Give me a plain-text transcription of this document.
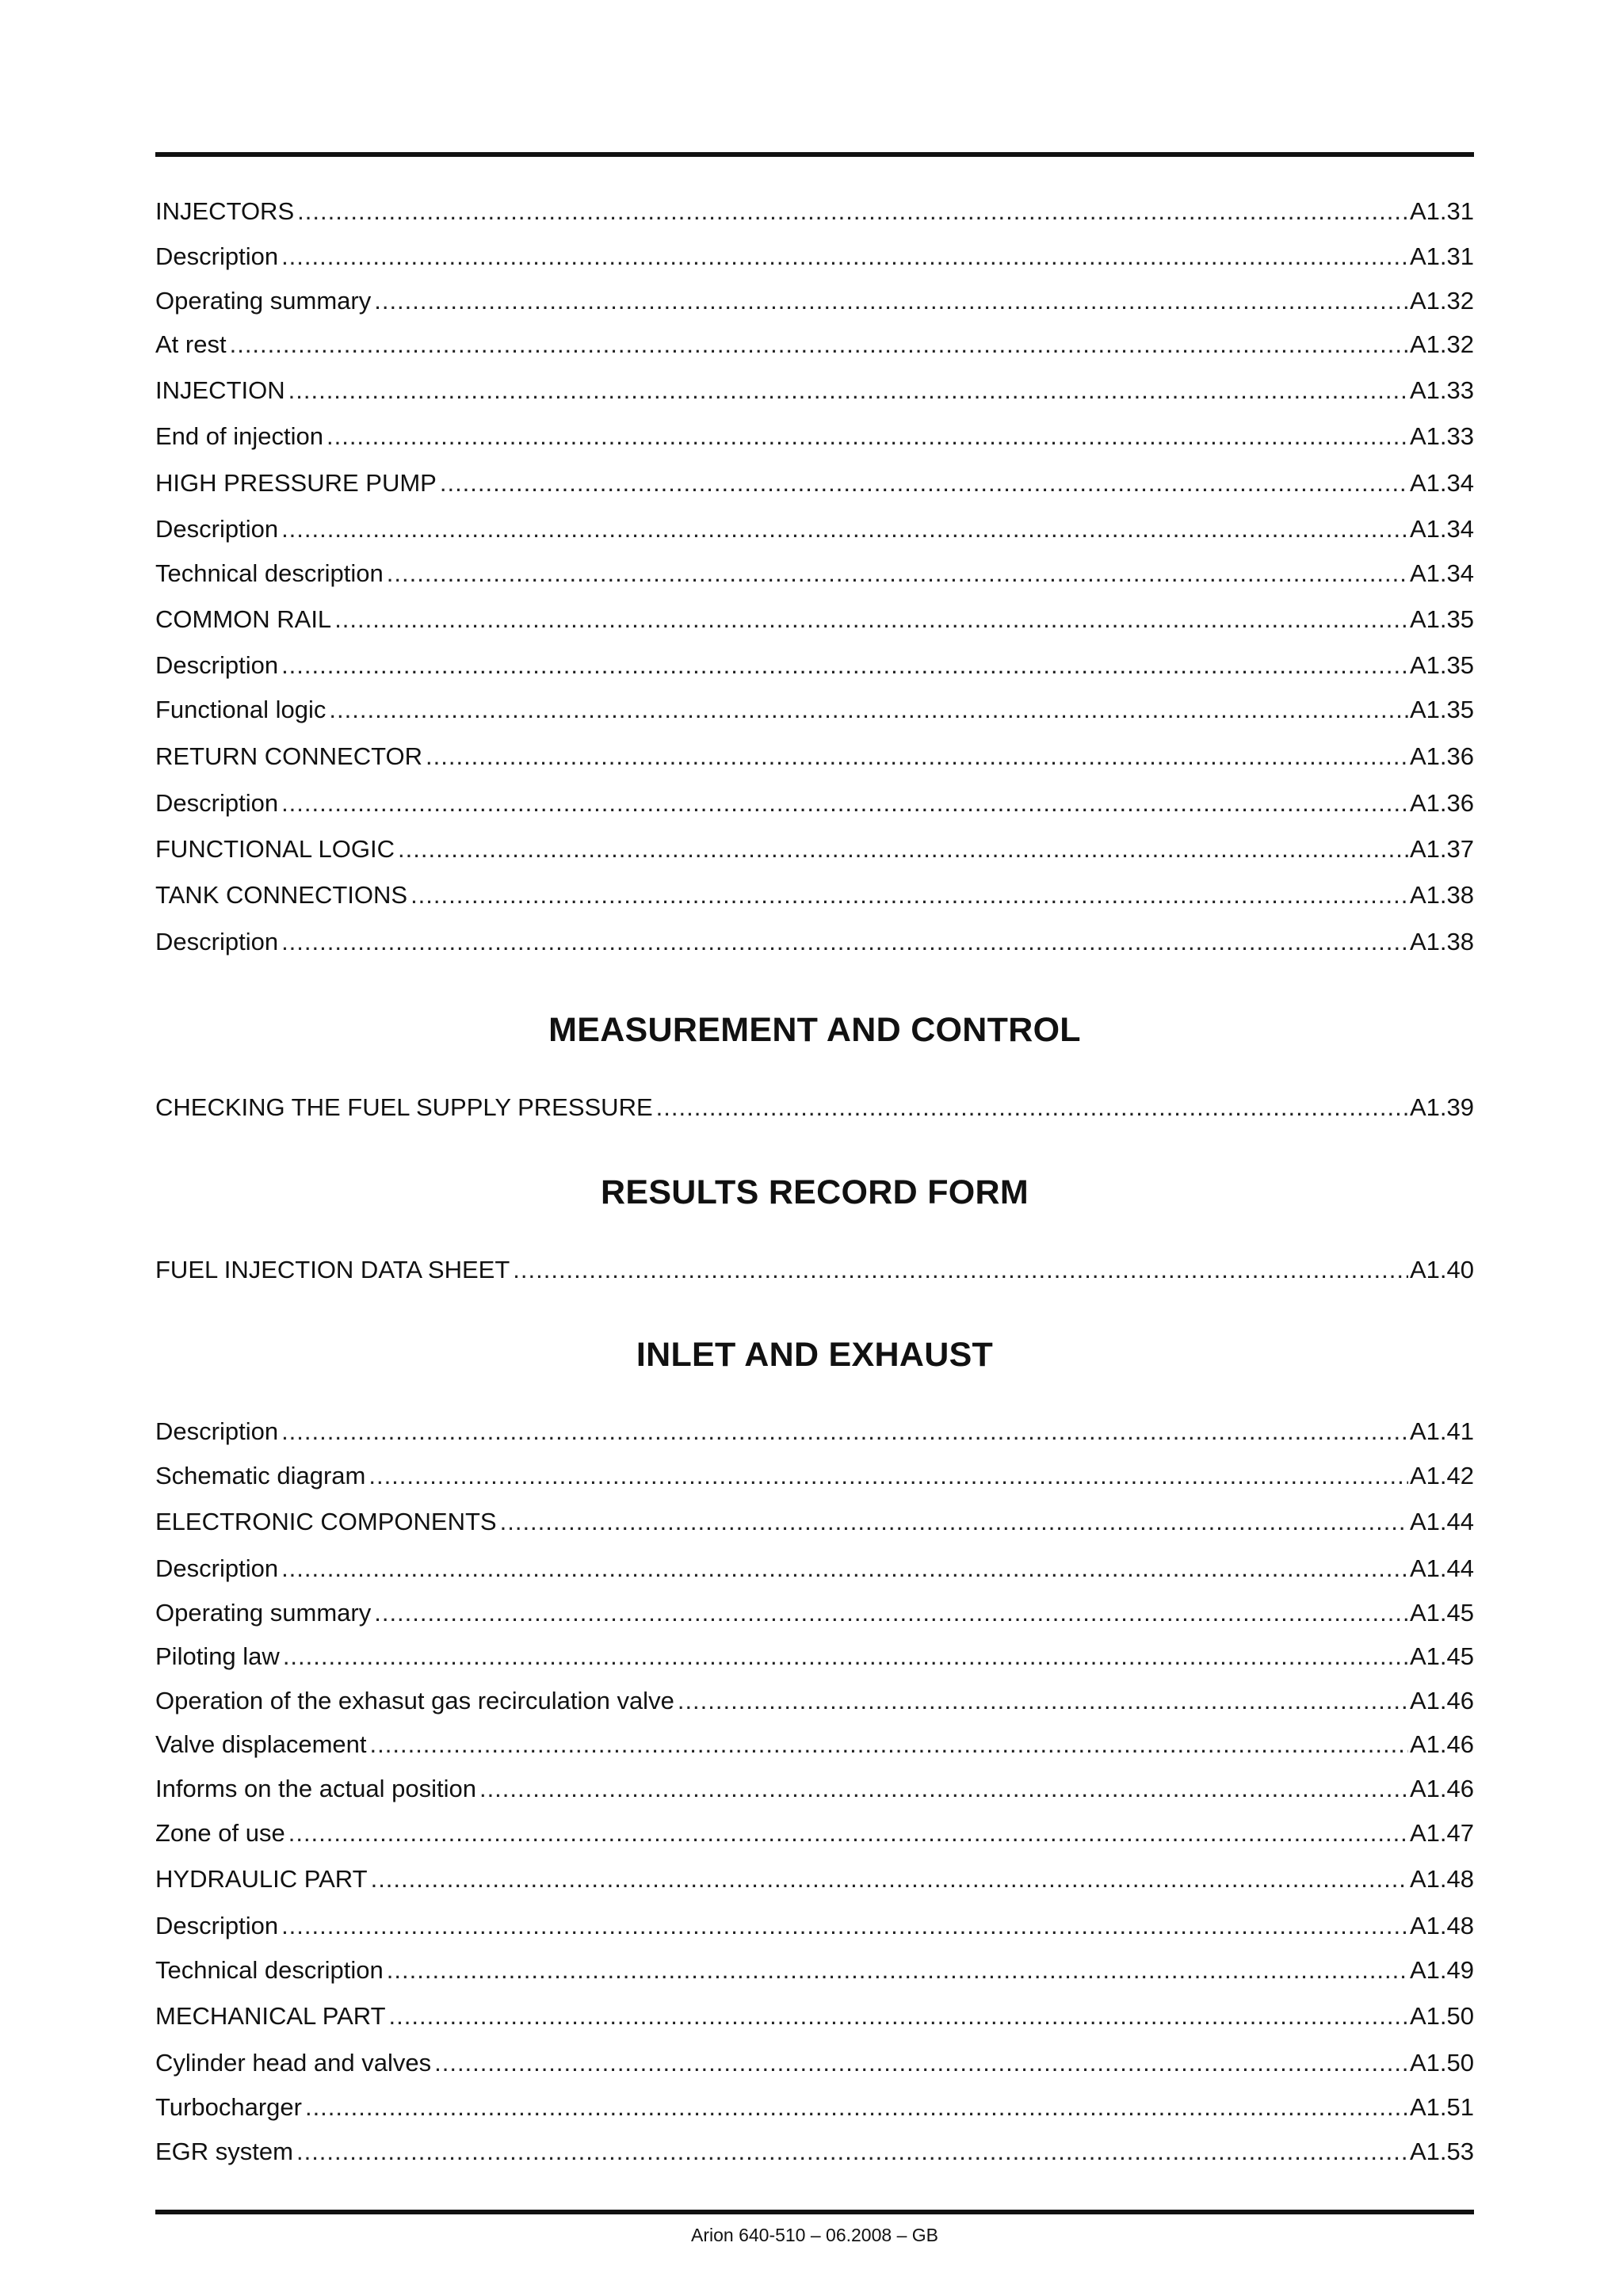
INJECTORS .....	A1.31
Description .....	A1.31
Operating summary .....	A1.32
At rest .....	A1.32
INJECTION .....	A1.33
End of injection .....	A1.33
HIGH PRESSURE PUMP .....	A1.34
Description .....	A1.34
Technical description .....	A1.34
COMMON RAIL .....	A1.35
Description .....	A1.35
Functional logic .....	A1.35
RETURN CONNECTOR .....	A1.36
Description .....	A1.36
FUNCTIONAL LOGIC .....	A1.37
TANK CONNECTIONS .....	A1.38
Description .....	A1.38
MEASUREMENT AND CONTROL
CHECKING THE FUEL SUPPLY PRESSURE .....	A1.39
RESULTS RECORD FORM
FUEL INJECTION DATA SHEET .....	A1.40
INLET AND EXHAUST
Description .....	A1.41
Schematic diagram .....	A1.42
ELECTRONIC COMPONENTS .....	A1.44
Description .....	A1.44
Operating summary .....	A1.45
Piloting law .....	A1.45
Operation of the exhasut gas recirculation valve .....	A1.46
Valve displacement .....	A1.46
Informs on the actual position .....	A1.46
Zone of use .....	A1.47
HYDRAULIC PART .....	A1.48
Description .....	A1.48
Technical description .....	A1.49
MECHANICAL PART .....	A1.50
Cylinder head and valves .....	A1.50
Turbocharger .....	A1.51
EGR system .....	A1.53
Arion 640-510 – 06.2008 – GB
